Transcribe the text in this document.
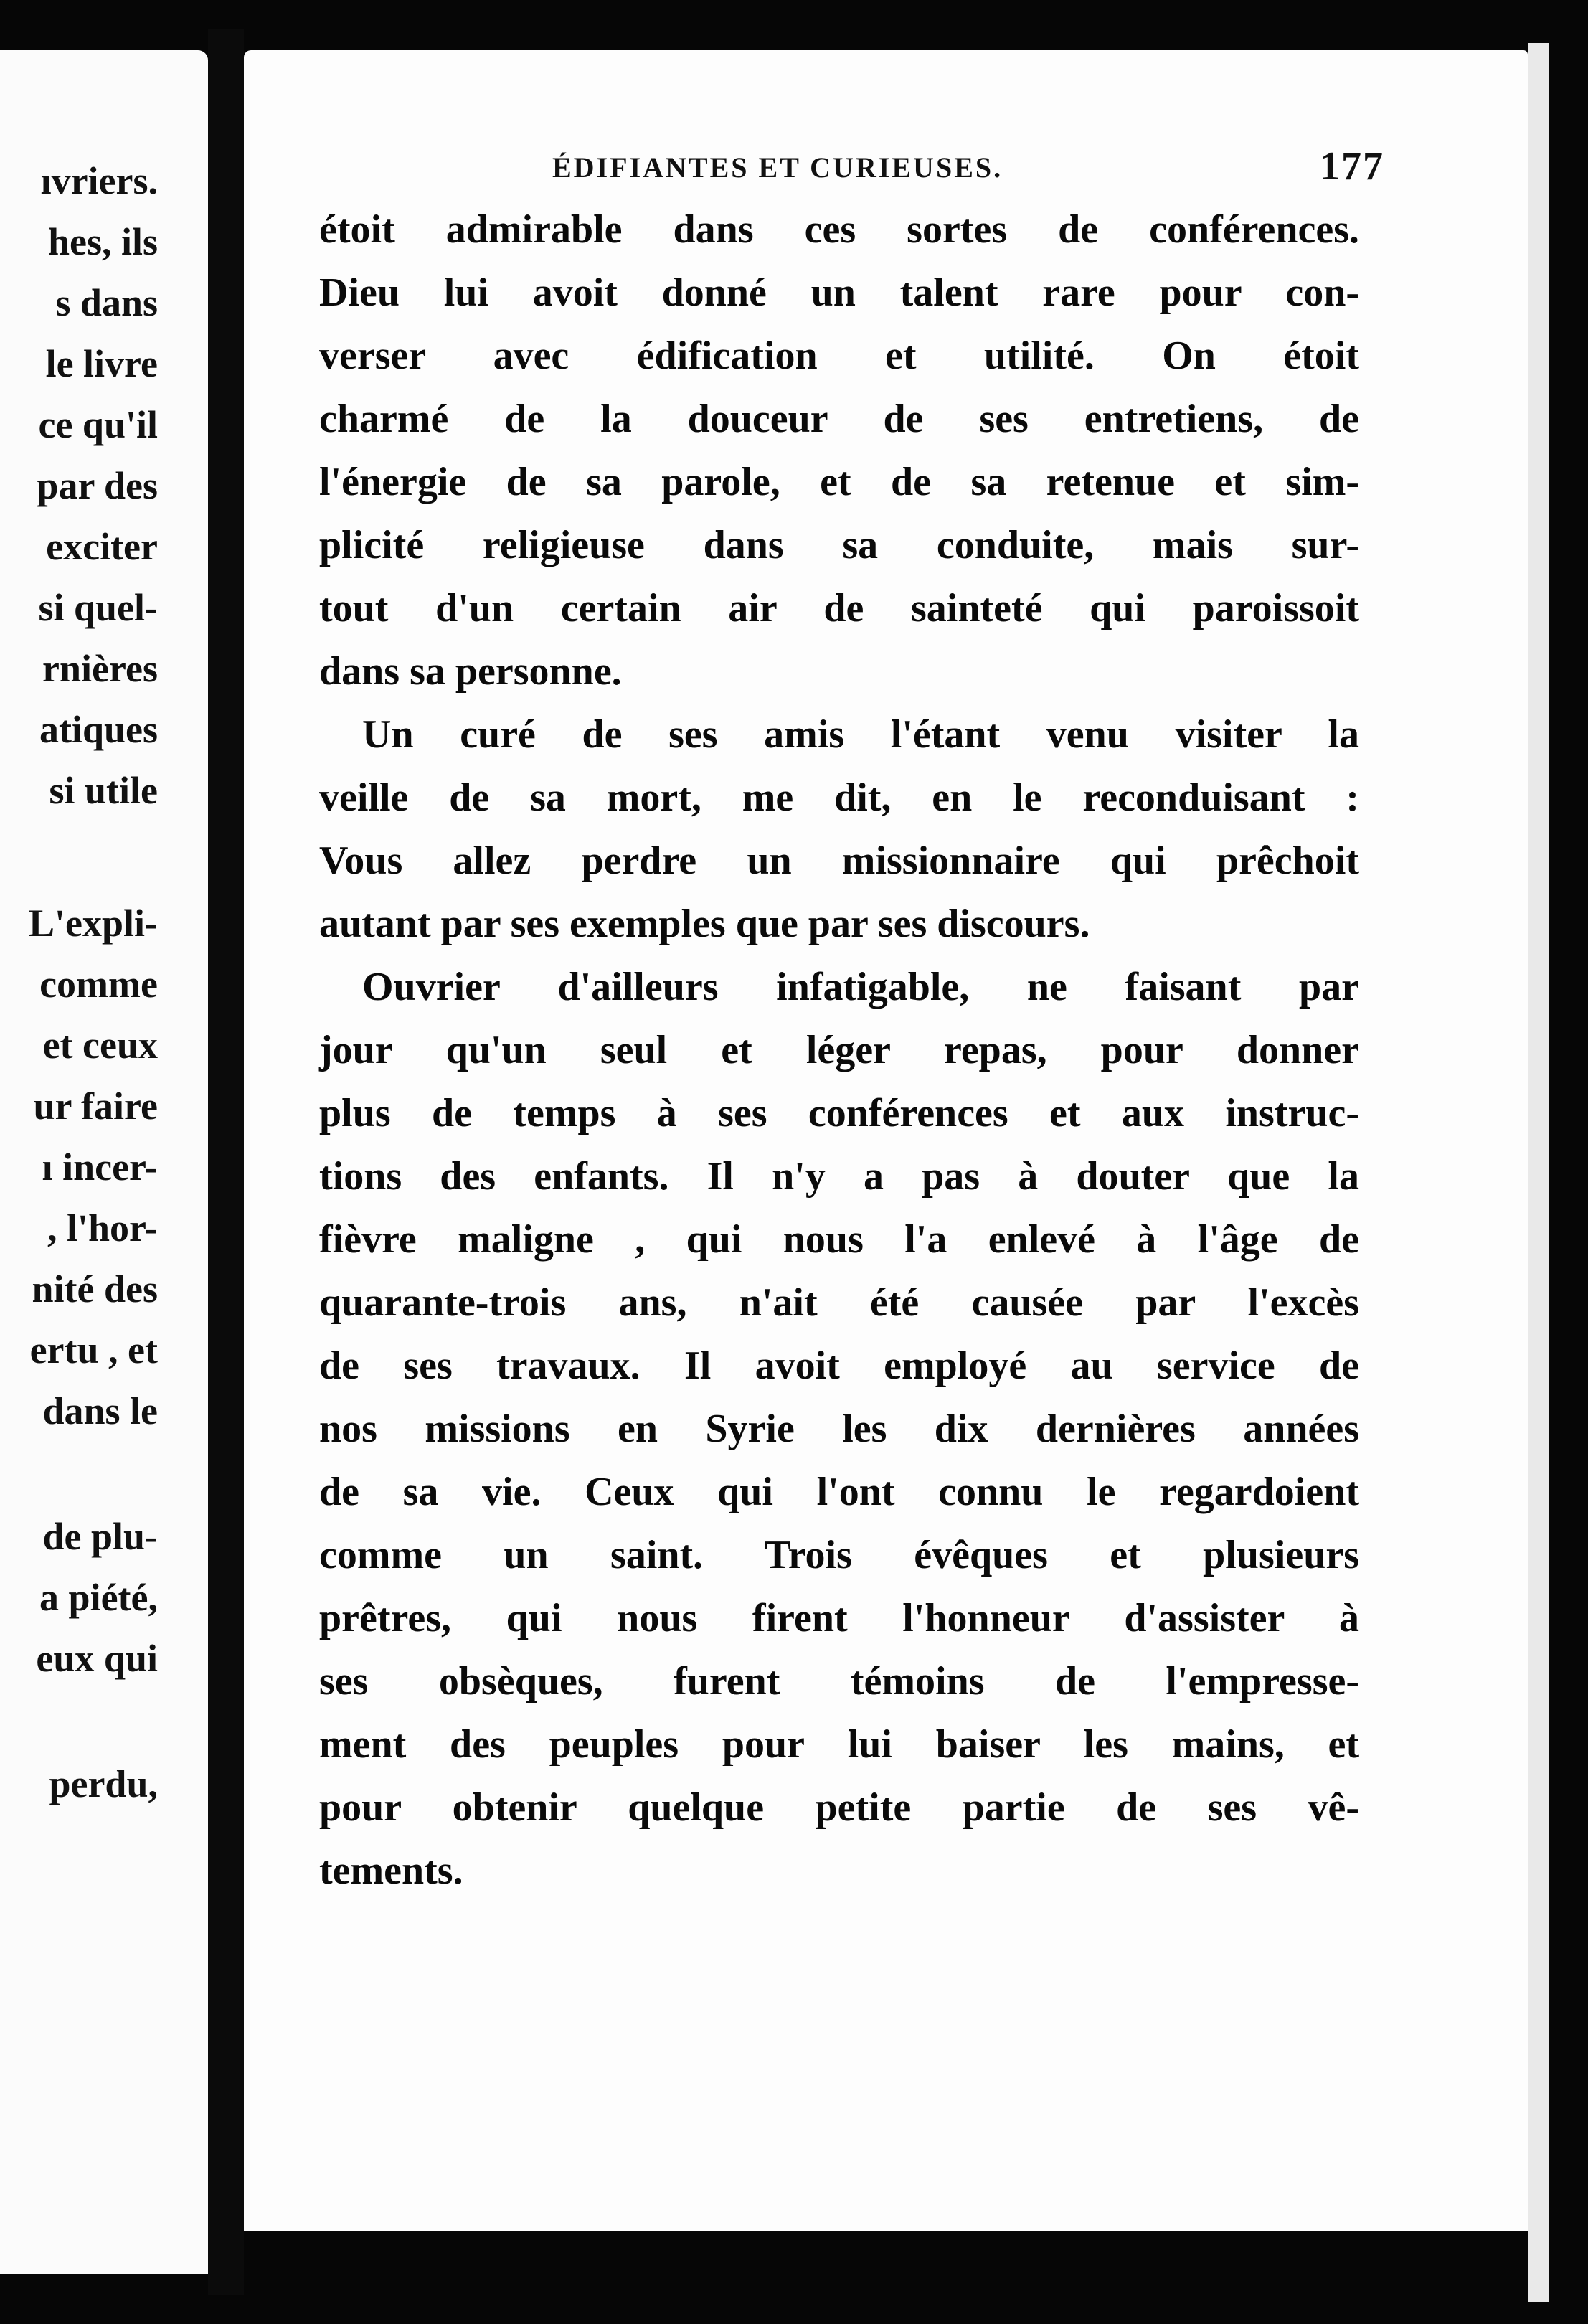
ıvriers.
hes, ils
s dans
le livre
ce qu'il
par des
exciter
si quel-
rnières
atiques
si utile
L'expli-
comme
et ceux
ur faire
ı incer-
, l'hor-
nité des
ertu , et
dans le
de plu-
a piété,
eux qui
perdu,
ÉDIFIANTES ET CURIEUSES.	177
étoit admirable dans ces sortes de conférences.
Dieu lui avoit donné un talent rare pour con-
verser avec édification et utilité. On étoit
charmé de la douceur de ses entretiens, de
l'énergie de sa parole, et de sa retenue et sim-
plicité religieuse dans sa conduite, mais sur-
tout d'un certain air de sainteté qui paroissoit
dans sa personne.
Un curé de ses amis l'étant venu visiter la
veille de sa mort, me dit, en le reconduisant :
Vous allez perdre un missionnaire qui prêchoit
autant par ses exemples que par ses discours.
Ouvrier d'ailleurs infatigable, ne faisant par
jour qu'un seul et léger repas, pour donner
plus de temps à ses conférences et aux instruc-
tions des enfants. Il n'y a pas à douter que la
fièvre maligne , qui nous l'a enlevé à l'âge de
quarante-trois ans, n'ait été causée par l'excès
de ses travaux. Il avoit employé au service de
nos missions en Syrie les dix dernières années
de sa vie. Ceux qui l'ont connu le regardoient
comme un saint. Trois évêques et plusieurs
prêtres, qui nous firent l'honneur d'assister à
ses obsèques, furent témoins de l'empresse-
ment des peuples pour lui baiser les mains, et
pour obtenir quelque petite partie de ses vê-
tements.
